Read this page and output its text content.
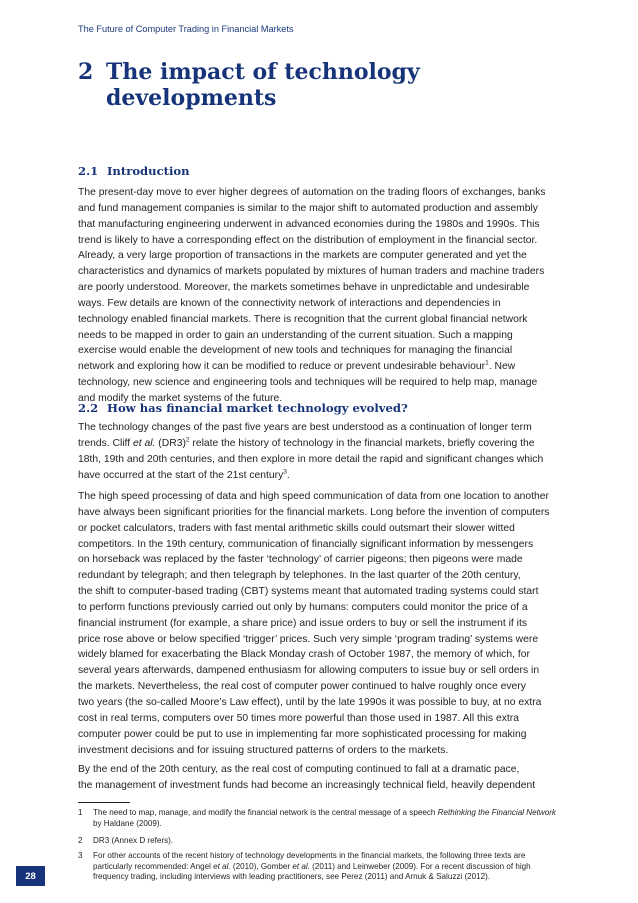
The Future of Computer Trading in Financial Markets
2 The impact of technology
developments
2.1 Introduction
The present-day move to ever higher degrees of automation on the trading floors of exchanges, banks
and fund management companies is similar to the major shift to automated production and assembly
that manufacturing engineering underwent in advanced economies during the 1980s and 1990s. This
trend is likely to have a corresponding effect on the distribution of employment in the financial sector.
Already, a very large proportion of transactions in the markets are computer generated and yet the
characteristics and dynamics of markets populated by mixtures of human traders and machine traders
are poorly understood. Moreover, the markets sometimes behave in unpredictable and undesirable
ways. Few details are known of the connectivity network of interactions and dependencies in
technology enabled financial markets. There is recognition that the current global financial network
needs to be mapped in order to gain an understanding of the current situation. Such a mapping
exercise would enable the development of new tools and techniques for managing the financial
network and exploring how it can be modified to reduce or prevent undesirable behaviour$^1$. New
technology, new science and engineering tools and techniques will be required to help map, manage
and modify the market systems of the future.
2.2 How has financial market technology evolved?
The technology changes of the past five years are best understood as a continuation of longer term
trends. Cliff et al. $(DR3)^2$ relate the history of technology in the financial markets, briefly covering the
18th, 19th and 20th centuries, and then explore in more detail the rapid and significant changes which
have occurred at the start of the 21st century$^3$.
The high speed processing of data and high speed communication of data from one location to another
have always been significant priorities for the financial markets. Long before the invention of computers
or pocket calculators, traders with fast mental arithmetic skills could outsmart their slower witted
competitors. In the 19th century, communication of financially significant information by messengers
on horseback was replaced by the faster ‘technology’ of carrier pigeons; then pigeons were made
redundant by telegraph; and then telegraph by telephones. In the last quarter of the 20th century,
the shift to computer-based trading (CBT) systems meant that automated trading systems could start
to perform functions previously carried out only by humans: computers could monitor the price of a
financial instrument (for example, a share price) and issue orders to buy or sell the instrument if its
price rose above or below specified ‘trigger’ prices. Such very simple ‘program trading’ systems were
widely blamed for exacerbating the Black Monday crash of October 1987, the memory of which, for
several years afterwards, dampened enthusiasm for allowing computers to issue buy or sell orders in
the markets. Nevertheless, the real cost of computer power continued to halve roughly once every
two years (the so-called Moore’s Law effect), until by the late 1990s it was possible to buy, at no extra
cost in real terms, computers over 50 times more powerful than those used in 1987. All this extra
computer power could be put to use in implementing far more sophisticated processing for making
investment decisions and for issuing structured patterns of orders to the markets.
By the end of the 20th century, as the real cost of computing continued to fall at a dramatic pace,
the management of investment funds had become an increasingly technical field, heavily dependent
1 The need to map, manage, and modify the financial network is the central message of a speech Rethinking the Financial Network
by Haldane (2009).
2 DR3 (Annex D refers).
3 For other accounts of the recent history of technology developments in the financial markets, the following three texts are
particularly recommended: Angel et al. (2010), Gomber et al. (2011) and Leinweber (2009). For a recent discussion of high
frequency trading, including interviews with leading practitioners, see Perez (2011) and Arnuk & Saluzzi (2012).
28
